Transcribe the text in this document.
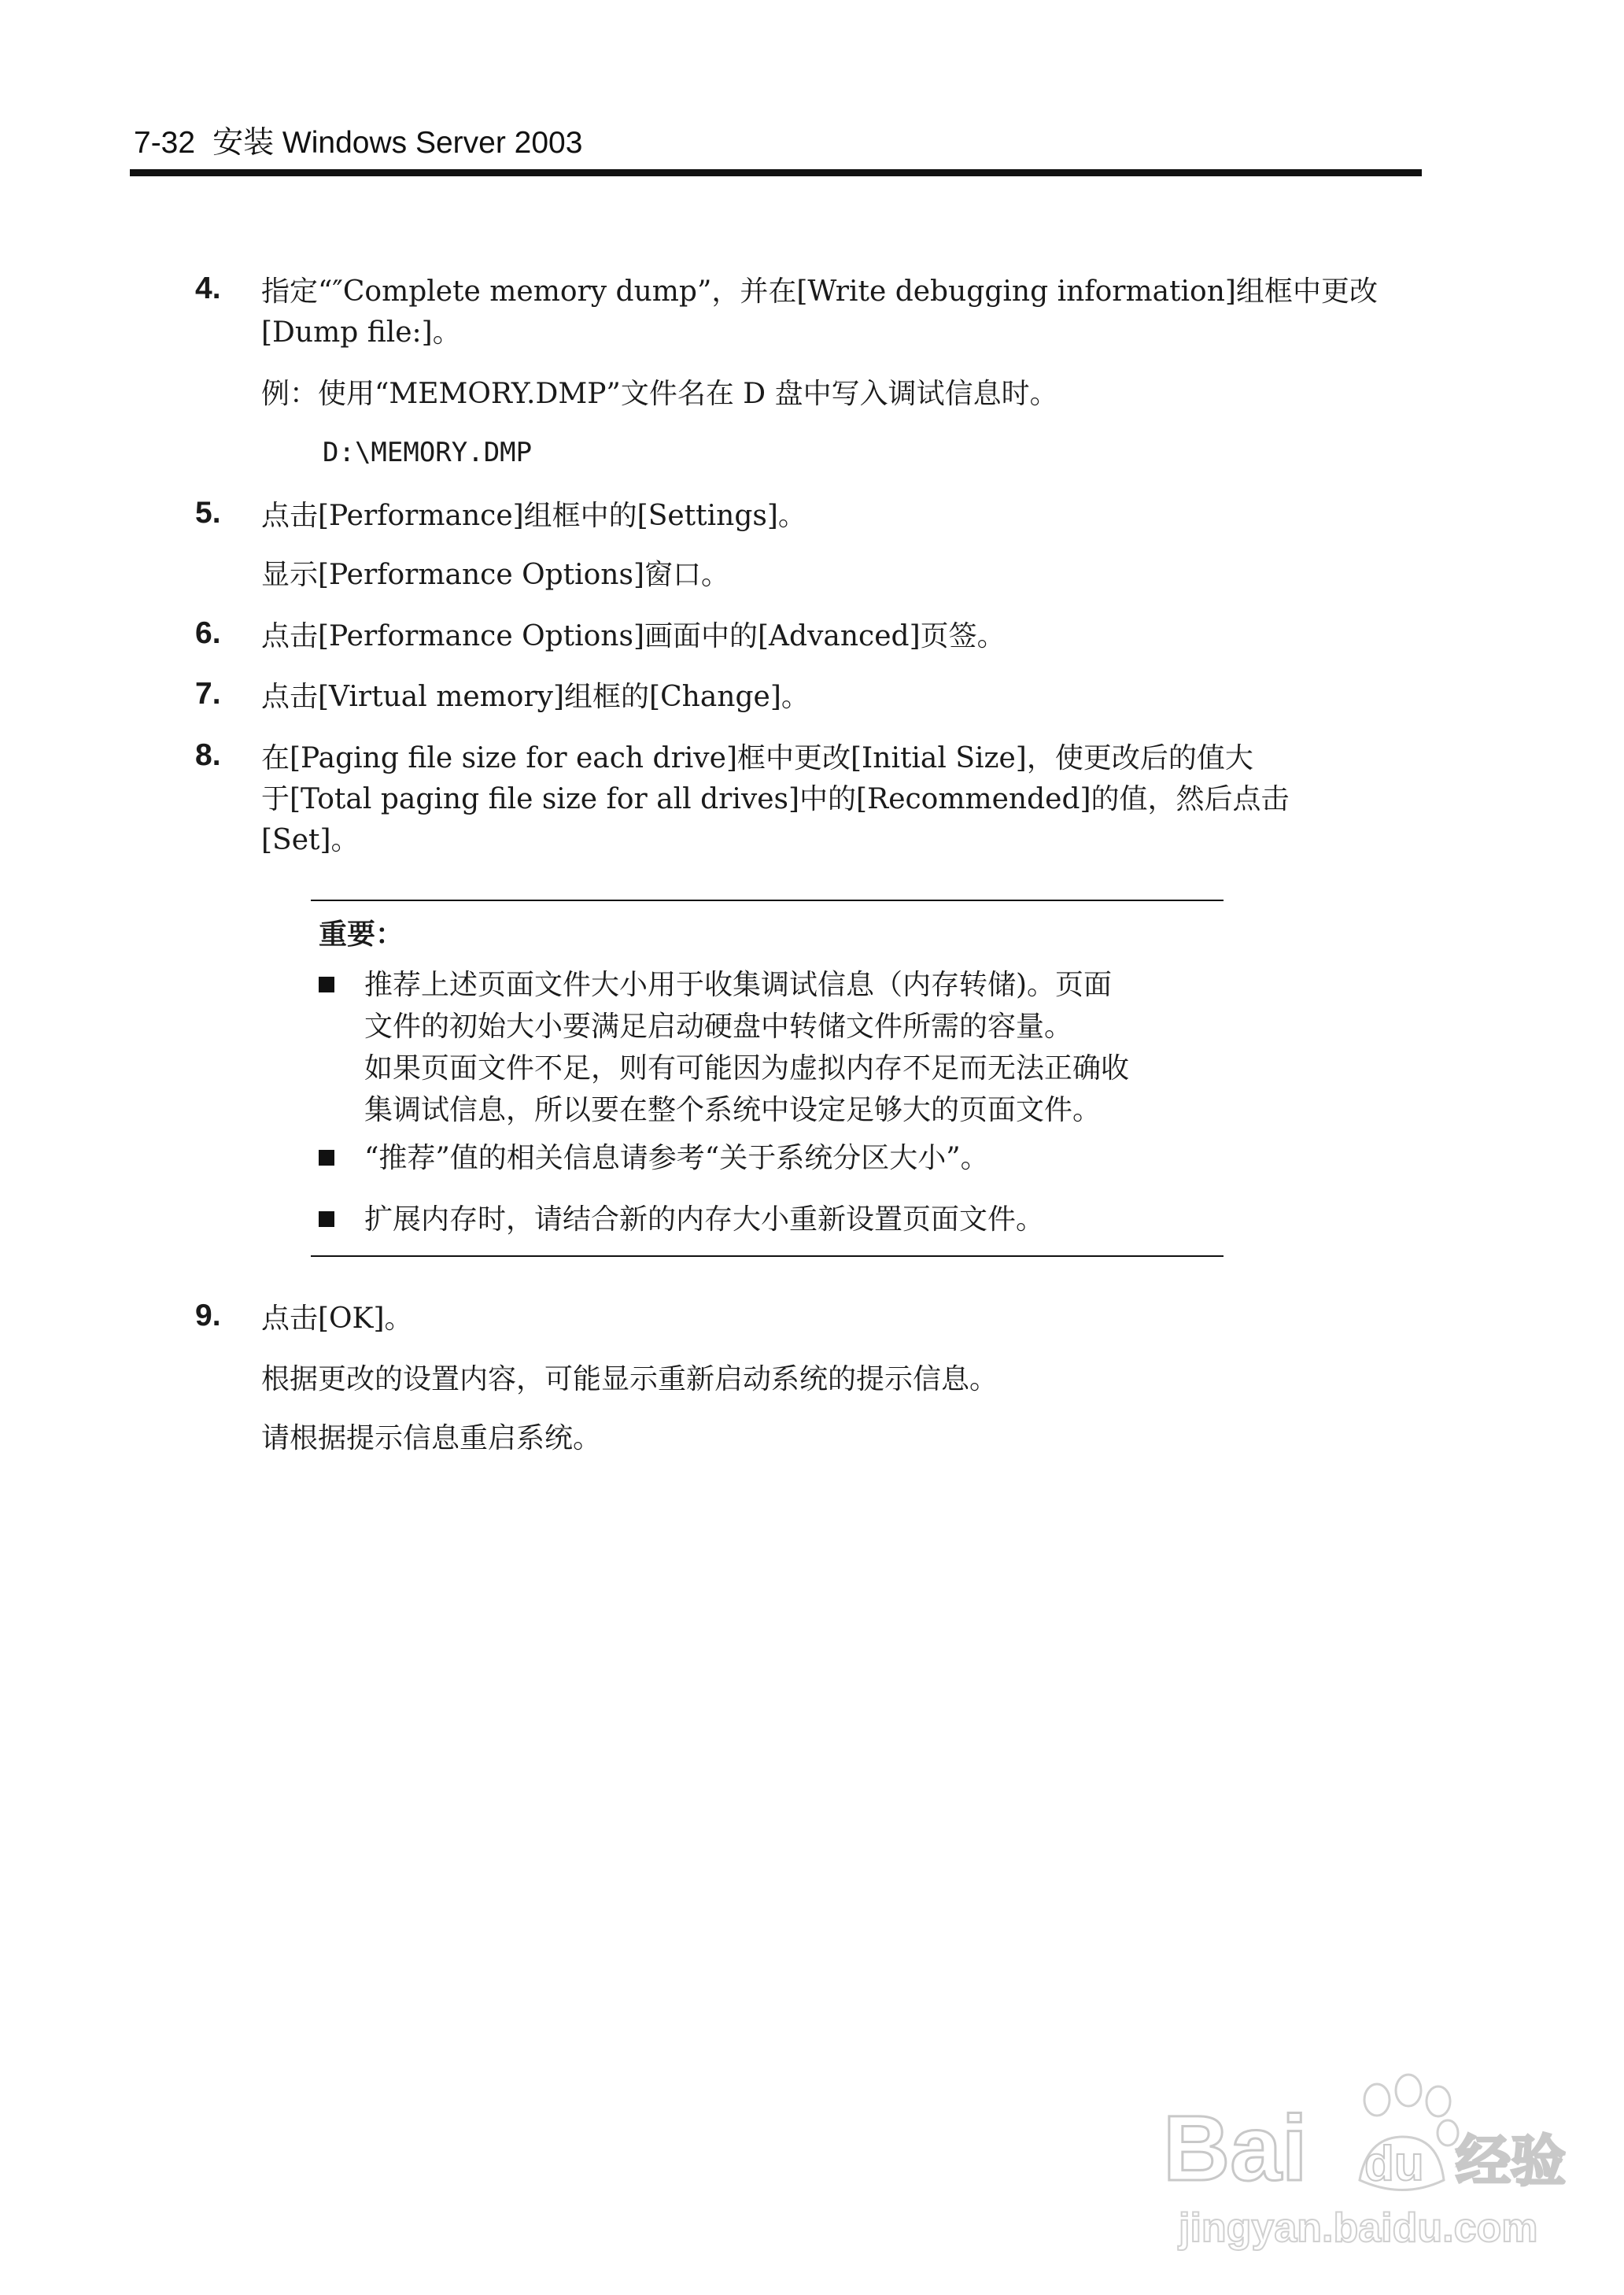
7-32 安装 Windows Server 2003
4. 指定“″Complete memory dump”，并在[Write debugging information]组框中更改
[Dump file:]。
例：使用“MEMORY.DMP”文件名在 D 盘中写入调试信息时。
D:\MEMORY.DMP
5. 点击[Performance]组框中的[Settings]。
显示[Performance Options]窗口。
6. 点击[Performance Options]画面中的[Advanced]页签。
7. 点击[Virtual memory]组框的[Change]。
8. 在[Paging file size for each drive]框中更改[Initial Size]，使更改后的值大
于[Total paging file size for all drives]中的[Recommended]的值，然后点击
[Set]。
重要：
推荐上述页面文件大小用于收集调试信息（内存转储)。页面
文件的初始大小要满足启动硬盘中转储文件所需的容量。
如果页面文件不足，则有可能因为虚拟内存不足而无法正确收
集调试信息，所以要在整个系统中设定足够大的页面文件。
“推荐”值的相关信息请参考“关于系统分区大小”。
扩展内存时，请结合新的内存大小重新设置页面文件。
9. 点击[OK]。
根据更改的设置内容，可能显示重新启动系统的提示信息。
请根据提示信息重启系统。
Bai du 经验
jingyan.baidu.com
